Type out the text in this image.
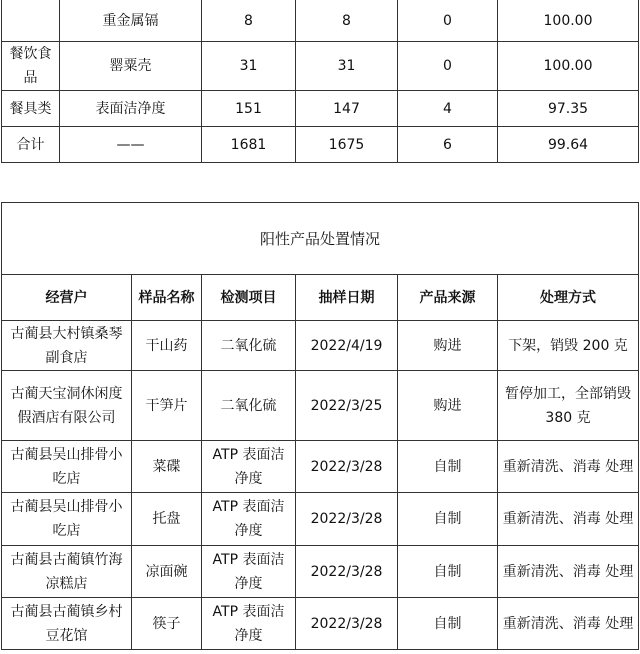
	重金属镉	8	8	0	100.00
餐饮食品	罂粟壳	31	31	0	100.00
餐具类	表面洁净度	151	147	4	97.35
合计	——	1681	1675	6	99.64
阳性产品处置情况					
经营户	样品名称	检测项目	抽样日期	产品来源	处理方式
古蔺县大村镇桑琴副食店	干山药	二氧化硫	2022/4/19	购进	下架，销毁 200 克
古蔺天宝洞休闲度假酒店有限公司	干笋片	二氧化硫	2022/3/25	购进	暂停加工，全部销毁 380 克
古蔺县吴山排骨小吃店	菜碟	ATP 表面洁净度	2022/3/28	自制	重新清洗、消毒 处理
古蔺县吴山排骨小吃店	托盘	ATP 表面洁净度	2022/3/28	自制	重新清洗、消毒 处理
古蔺县古蔺镇竹海凉糕店	凉面碗	ATP 表面洁净度	2022/3/28	自制	重新清洗、消毒 处理
古蔺县古蔺镇乡村豆花馆	筷子	ATP 表面洁净度	2022/3/28	自制	重新清洗、消毒 处理
